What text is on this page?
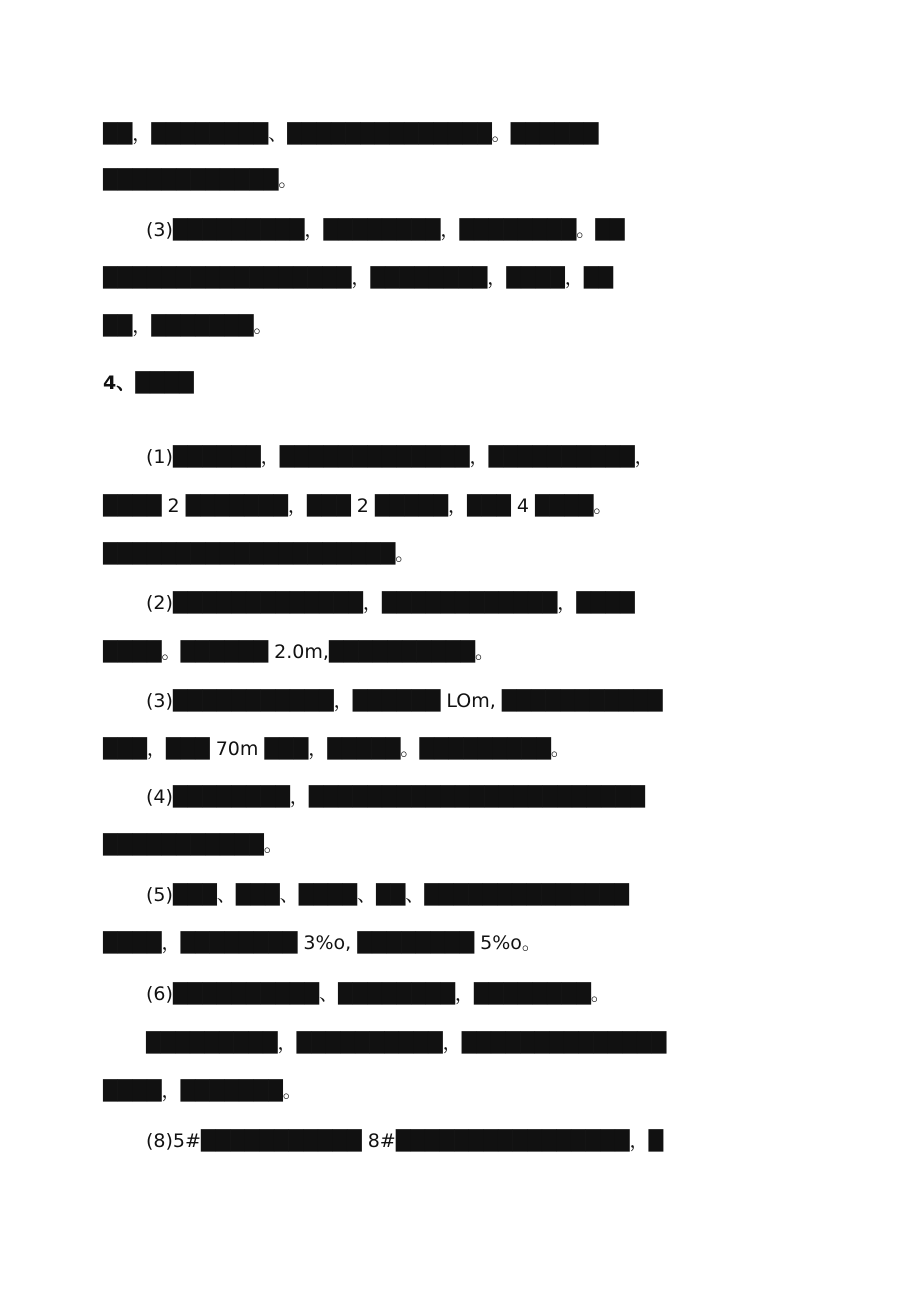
██，████████、██████████████。██████
████████████。
(3)█████████，████████，████████。██
█████████████████，████████，████，██
██，███████。
4、████
(1)██████，█████████████，██████████，
████ 2 ███████，███ 2 █████，███ 4 ████。
████████████████████。
(2)█████████████，████████████，████
████。██████ 2.0m,██████████。
(3)███████████，██████ LOm, ███████████
███，███ 70m ███，█████。█████████。
(4)████████，███████████████████████
███████████。
(5)███、███、████、██、██████████████
████，████████ 3%o, ████████ 5%o。
(6)██████████、████████，████████。
█████████，██████████，██████████████
████，███████。
(8)5#███████████ 8#████████████████，█
